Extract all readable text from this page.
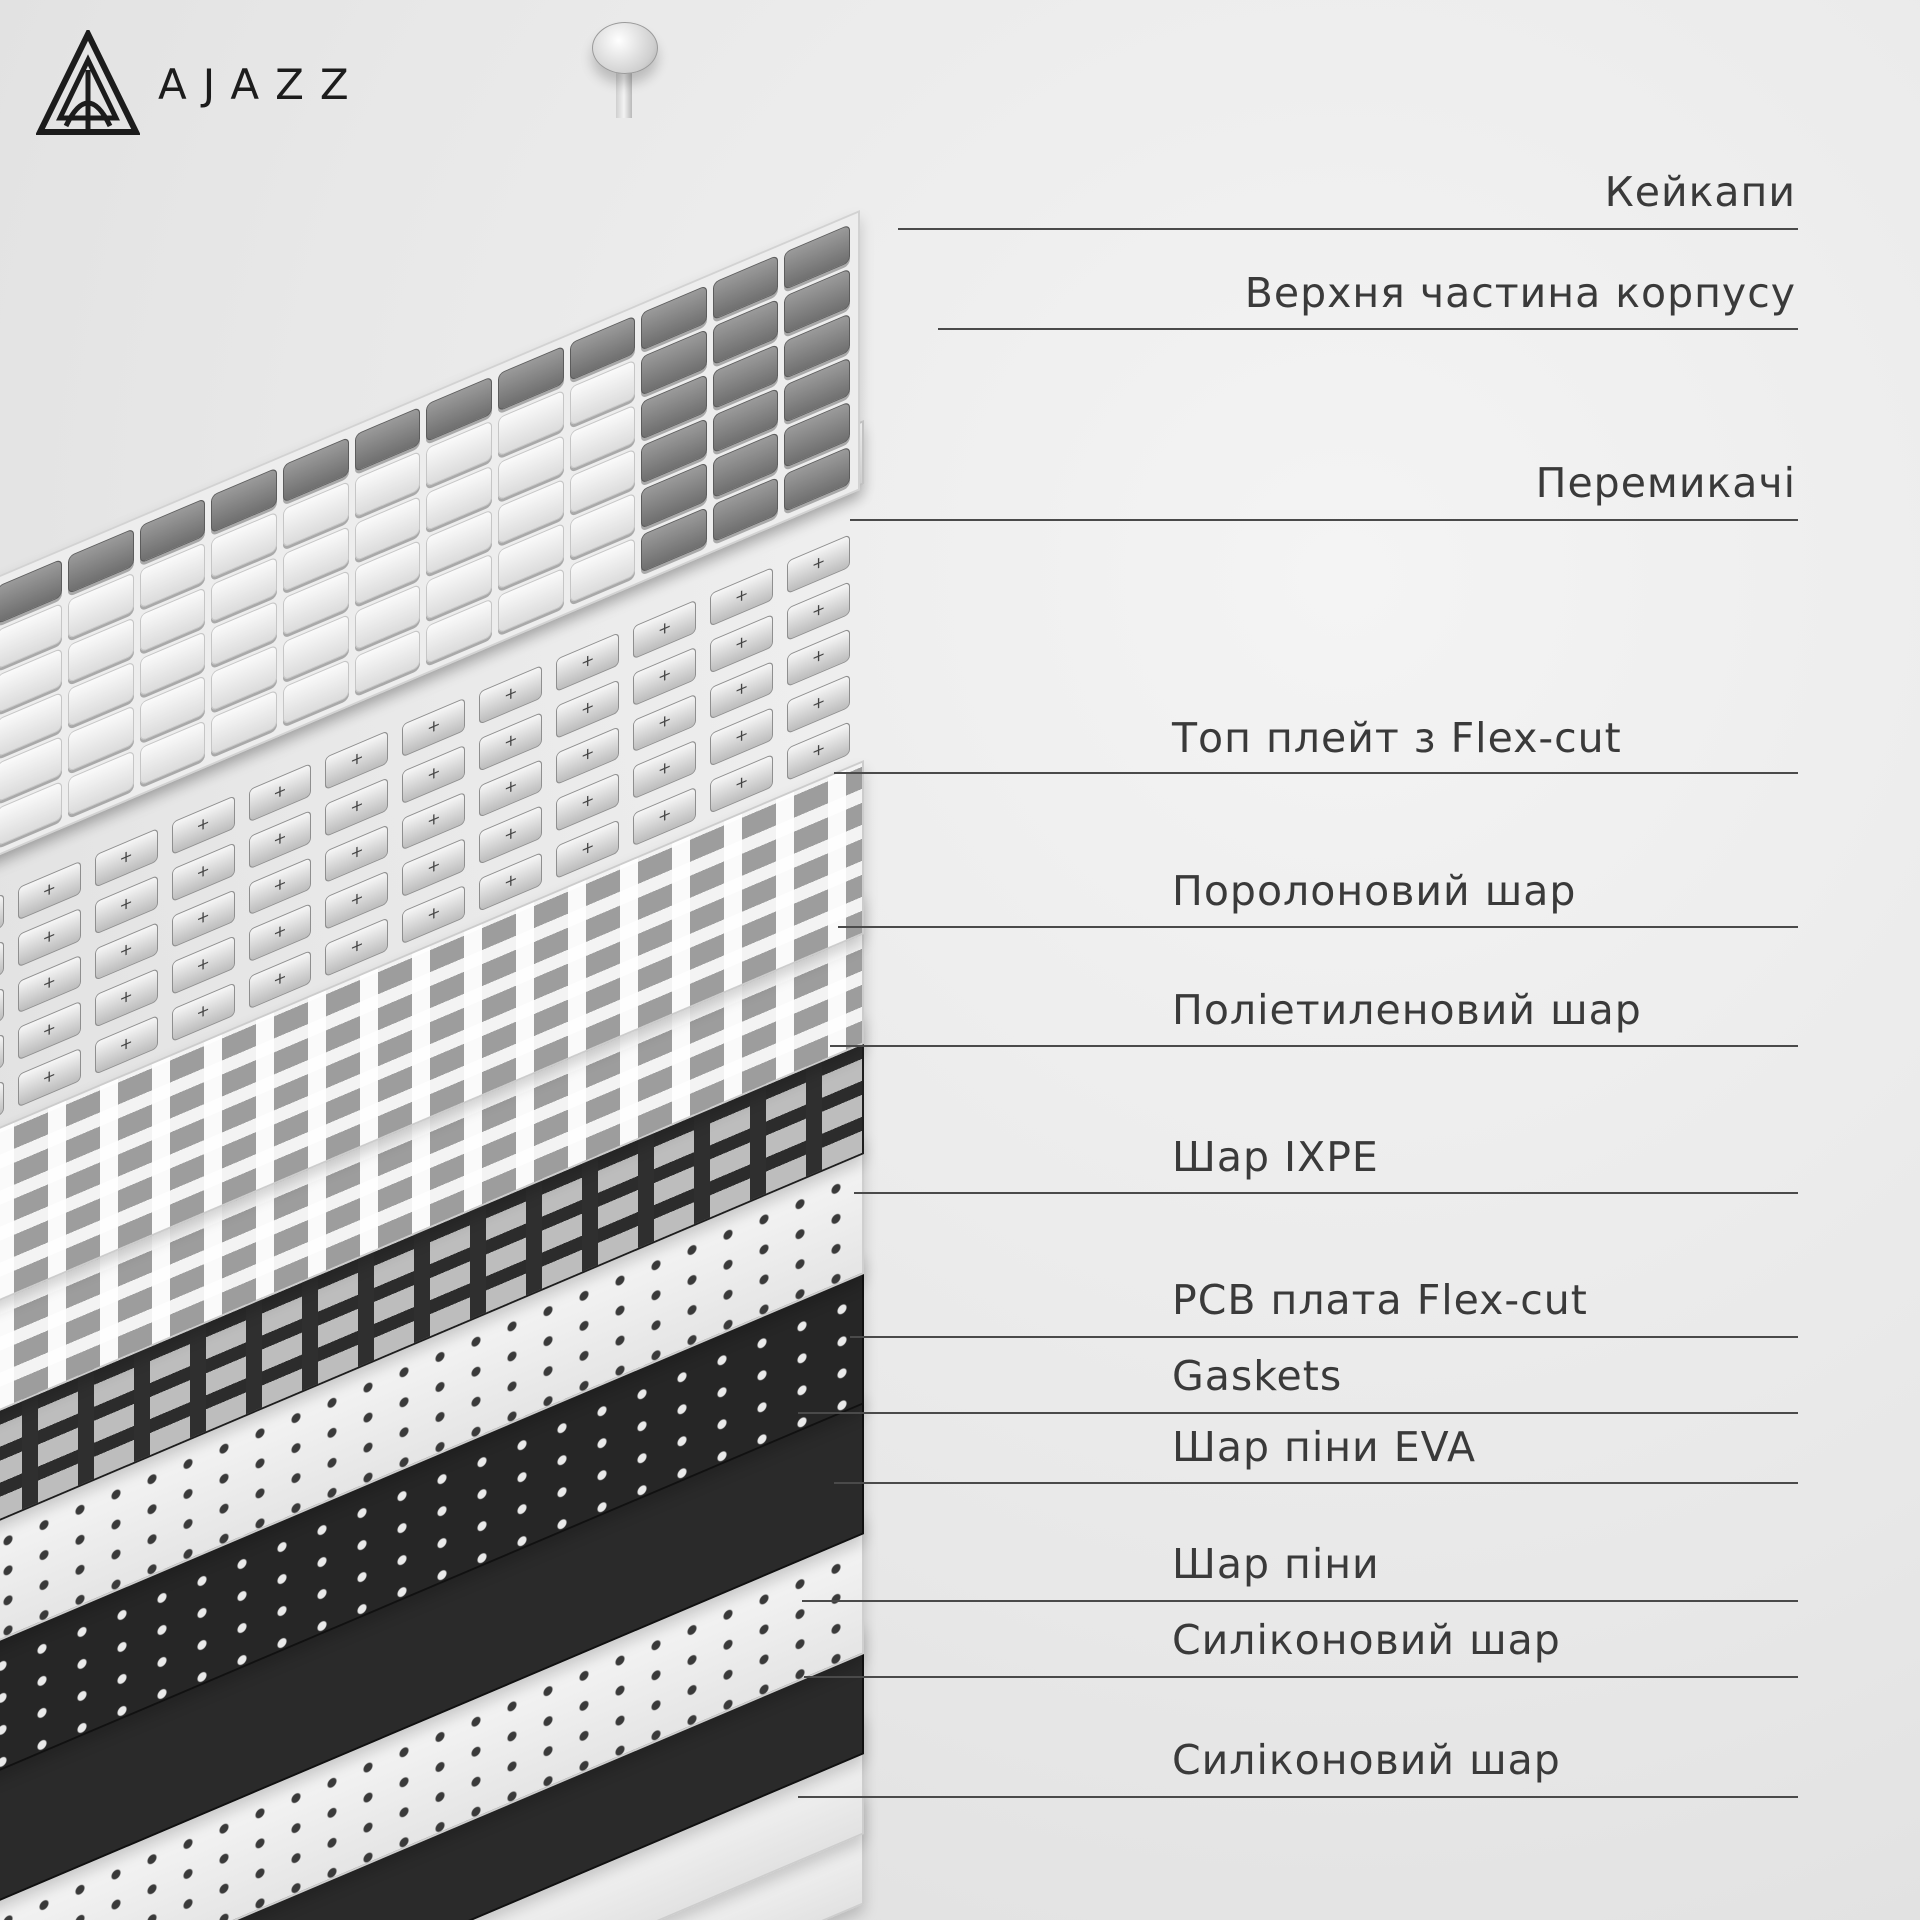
AJAZZ
+
+
+
+
+
+
+
+
+
+
+
+
+
+
+
+
+
+
+
+
+
+
+
+
+
+
+
+
+
+
+
+
+
+
+
+
+
+
+
+
+
+
+
+
+
+
+
+
+
+
+
+
+
+
+
+
+
+
+
+
Кейкапи
Верхня частина корпусу
Перемикачі
Топ плейт з Flex-cut
Поролоновий шар
Поліетиленовий шар
Шар IXPE
PCB плата Flex-cut
Gaskets
Шар піни EVA
Шар піни
Силіконовий шар
Силіконовий шар
